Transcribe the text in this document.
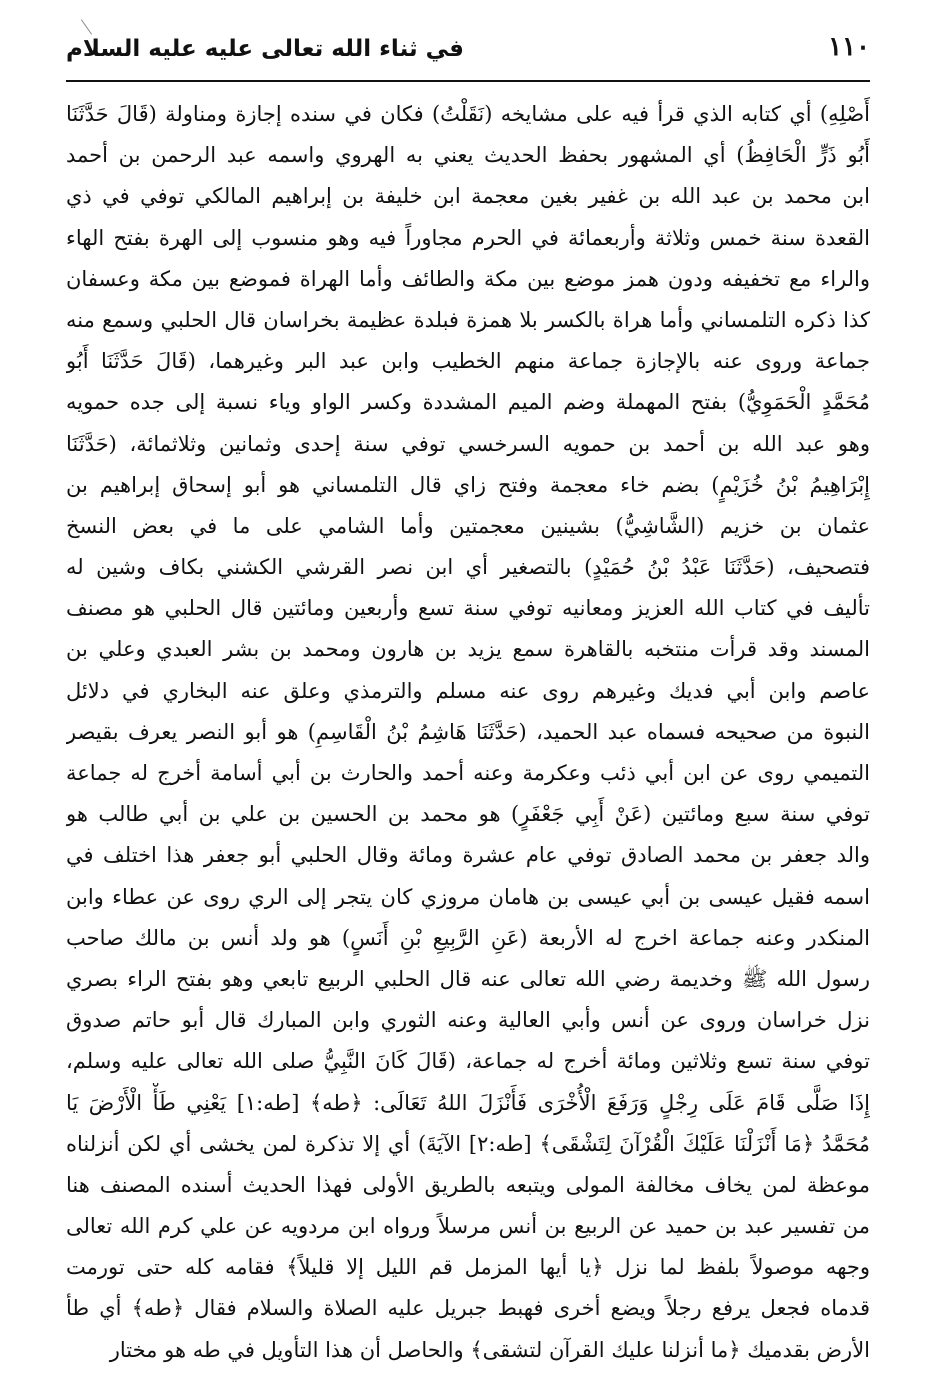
١١٠
في ثناء الله تعالى عليه عليه السلام
أَصْلِهِ) أي كتابه الذي قرأ فيه على مشايخه (نَقَلْتُ) فكان في سنده إجازة ومناولة (قَالَ حَدَّثَنَا
أَبُو ذَرٍّ الْحَافِظُ) أي المشهور بحفظ الحديث يعني به الهروي واسمه عبد الرحمن بن أحمد
ابن محمد بن عبد الله بن غفير بغين معجمة ابن خليفة بن إبراهيم المالكي توفي في ذي
القعدة سنة خمس وثلاثة وأربعمائة في الحرم مجاوراً فيه وهو منسوب إلى الهرة بفتح الهاء
والراء مع تخفيفه ودون همز موضع بين مكة والطائف وأما الهراة فموضع بين مكة وعسفان
كذا ذكره التلمساني وأما هراة بالكسر بلا همزة فبلدة عظيمة بخراسان قال الحلبي وسمع منه
جماعة وروى عنه بالإجازة جماعة منهم الخطيب وابن عبد البر وغيرهما، (قَالَ حَدَّثَنَا أَبُو
مُحَمَّدٍ الْحَمَوِيُّ) بفتح المهملة وضم الميم المشددة وكسر الواو وياء نسبة إلى جده حمويه
وهو عبد الله بن أحمد بن حمويه السرخسي توفي سنة إحدى وثمانين وثلاثمائة، (حَدَّثَنَا
إِبْرَاهِيمُ بْنُ خُزَيْمٍ) بضم خاء معجمة وفتح زاي قال التلمساني هو أبو إسحاق إبراهيم بن
عثمان بن خزيم (الشَّاشِيُّ) بشينين معجمتين وأما الشامي على ما في بعض النسخ
فتصحيف، (حَدَّثَنَا عَبْدُ بْنُ حُمَيْدٍ) بالتصغير أي ابن نصر القرشي الكشني بكاف وشين له
تأليف في كتاب الله العزيز ومعانيه توفي سنة تسع وأربعين ومائتين قال الحلبي هو مصنف
المسند وقد قرأت منتخبه بالقاهرة سمع يزيد بن هارون ومحمد بن بشر العبدي وعلي بن
عاصم وابن أبي فديك وغيرهم روى عنه مسلم والترمذي وعلق عنه البخاري في دلائل
النبوة من صحيحه فسماه عبد الحميد، (حَدَّثَنَا هَاشِمُ بْنُ الْقَاسِمِ) هو أبو النصر يعرف بقيصر
التميمي روى عن ابن أبي ذئب وعكرمة وعنه أحمد والحارث بن أبي أسامة أخرج له جماعة
توفي سنة سبع ومائتين (عَنْ أَبِي جَعْفَرٍ) هو محمد بن الحسين بن علي بن أبي طالب هو
والد جعفر بن محمد الصادق توفي عام عشرة ومائة وقال الحلبي أبو جعفر هذا اختلف في
اسمه فقيل عيسى بن أبي عيسى بن هامان مروزي كان يتجر إلى الري روى عن عطاء وابن
المنكدر وعنه جماعة اخرج له الأربعة (عَنِ الرَّبِيعِ بْنِ أَنَسٍ) هو ولد أنس بن مالك صاحب
رسول الله ﷺ وخديمة رضي الله تعالى عنه قال الحلبي الربيع تابعي وهو بفتح الراء بصري
نزل خراسان وروى عن أنس وأبي العالية وعنه الثوري وابن المبارك قال أبو حاتم صدوق
توفي سنة تسع وثلاثين ومائة أخرج له جماعة، (قَالَ كَانَ النَّبِيُّ صلى الله تعالى عليه وسلم،
إِذَا صَلَّى قَامَ عَلَى رِجْلٍ وَرَفَعَ الْأُخْرَى فَأَنْزَلَ اللهُ تَعَالَى: ﴿طه﴾ [طه:١] يَعْنِي طَأْ الْأَرْضَ يَا
مُحَمَّدُ ﴿مَا أَنْزَلْنَا عَلَيْكَ الْقُرْآنَ لِتَشْقَى﴾ [طه:٢] الآيَةَ) أي إلا تذكرة لمن يخشى أي لكن أنزلناه
موعظة لمن يخاف مخالفة المولى ويتبعه بالطريق الأولى فهذا الحديث أسنده المصنف هنا
من تفسير عبد بن حميد عن الربيع بن أنس مرسلاً ورواه ابن مردويه عن علي كرم الله تعالى
وجهه موصولاً بلفظ لما نزل ﴿يا أيها المزمل قم الليل إلا قليلاً﴾ فقامه كله حتى تورمت
قدماه فجعل يرفع رجلاً ويضع أخرى فهبط جبريل عليه الصلاة والسلام فقال ﴿طه﴾ أي طأ
الأرض بقدميك ﴿ما أنزلنا عليك القرآن لتشقى﴾ والحاصل أن هذا التأويل في طه هو مختار
